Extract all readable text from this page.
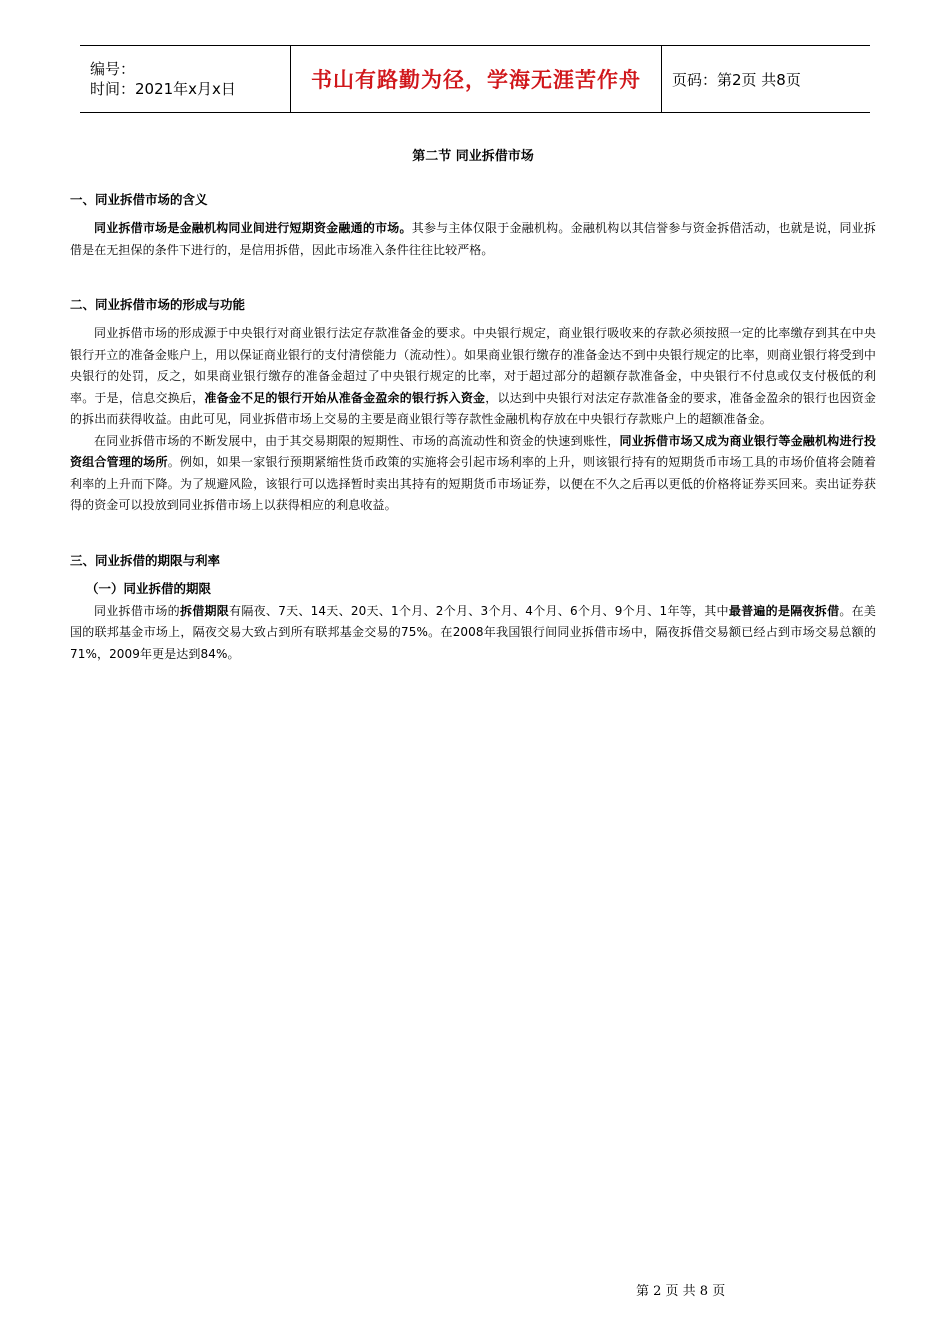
编号：
时间：2021年x月x日	书山有路勤为径，学海无涯苦作舟	页码：第2页 共8页
第二节 同业拆借市场
一、同业拆借市场的含义

同业拆借市场是金融机构同业间进行短期资金融通的市场。其参与主体仅限于金融机构。金融机构以其信誉参与资金拆借活动，也就是说，同业拆借是在无担保的条件下进行的，是信用拆借，因此市场准入条件往往比较严格。

二、同业拆借市场的形成与功能

同业拆借市场的形成源于中央银行对商业银行法定存款准备金的要求。中央银行规定，商业银行吸收来的存款必须按照一定的比率缴存到其在中央银行开立的准备金账户上，用以保证商业银行的支付清偿能力（流动性）。如果商业银行缴存的准备金达不到中央银行规定的比率，则商业银行将受到中央银行的处罚，反之，如果商业银行缴存的准备金超过了中央银行规定的比率，对于超过部分的超额存款准备金，中央银行不付息或仅支付极低的利率。于是，信息交换后，准备金不足的银行开始从准备金盈余的银行拆入资金，以达到中央银行对法定存款准备金的要求，准备金盈余的银行也因资金的拆出而获得收益。由此可见，同业拆借市场上交易的主要是商业银行等存款性金融机构存放在中央银行存款账户上的超额准备金。

在同业拆借市场的不断发展中，由于其交易期限的短期性、市场的高流动性和资金的快速到账性，同业拆借市场又成为商业银行等金融机构进行投资组合管理的场所。例如，如果一家银行预期紧缩性货币政策的实施将会引起市场利率的上升，则该银行持有的短期货币市场工具的市场价值将会随着利率的上升而下降。为了规避风险，该银行可以选择暂时卖出其持有的短期货币市场证券，以便在不久之后再以更低的价格将证券买回来。卖出证券获得的资金可以投放到同业拆借市场上以获得相应的利息收益。

三、同业拆借的期限与利率
（一）同业拆借的期限

同业拆借市场的拆借期限有隔夜、7天、14天、20天、1个月、2个月、3个月、4个月、6个月、9个月、1年等，其中最普遍的是隔夜拆借。在美国的联邦基金市场上，隔夜交易大致占到所有联邦基金交易的75%。在2008年我国银行间同业拆借市场中，隔夜拆借交易额已经占到市场交易总额的71%，2009年更是达到84%。

第 2 页 共 8 页
